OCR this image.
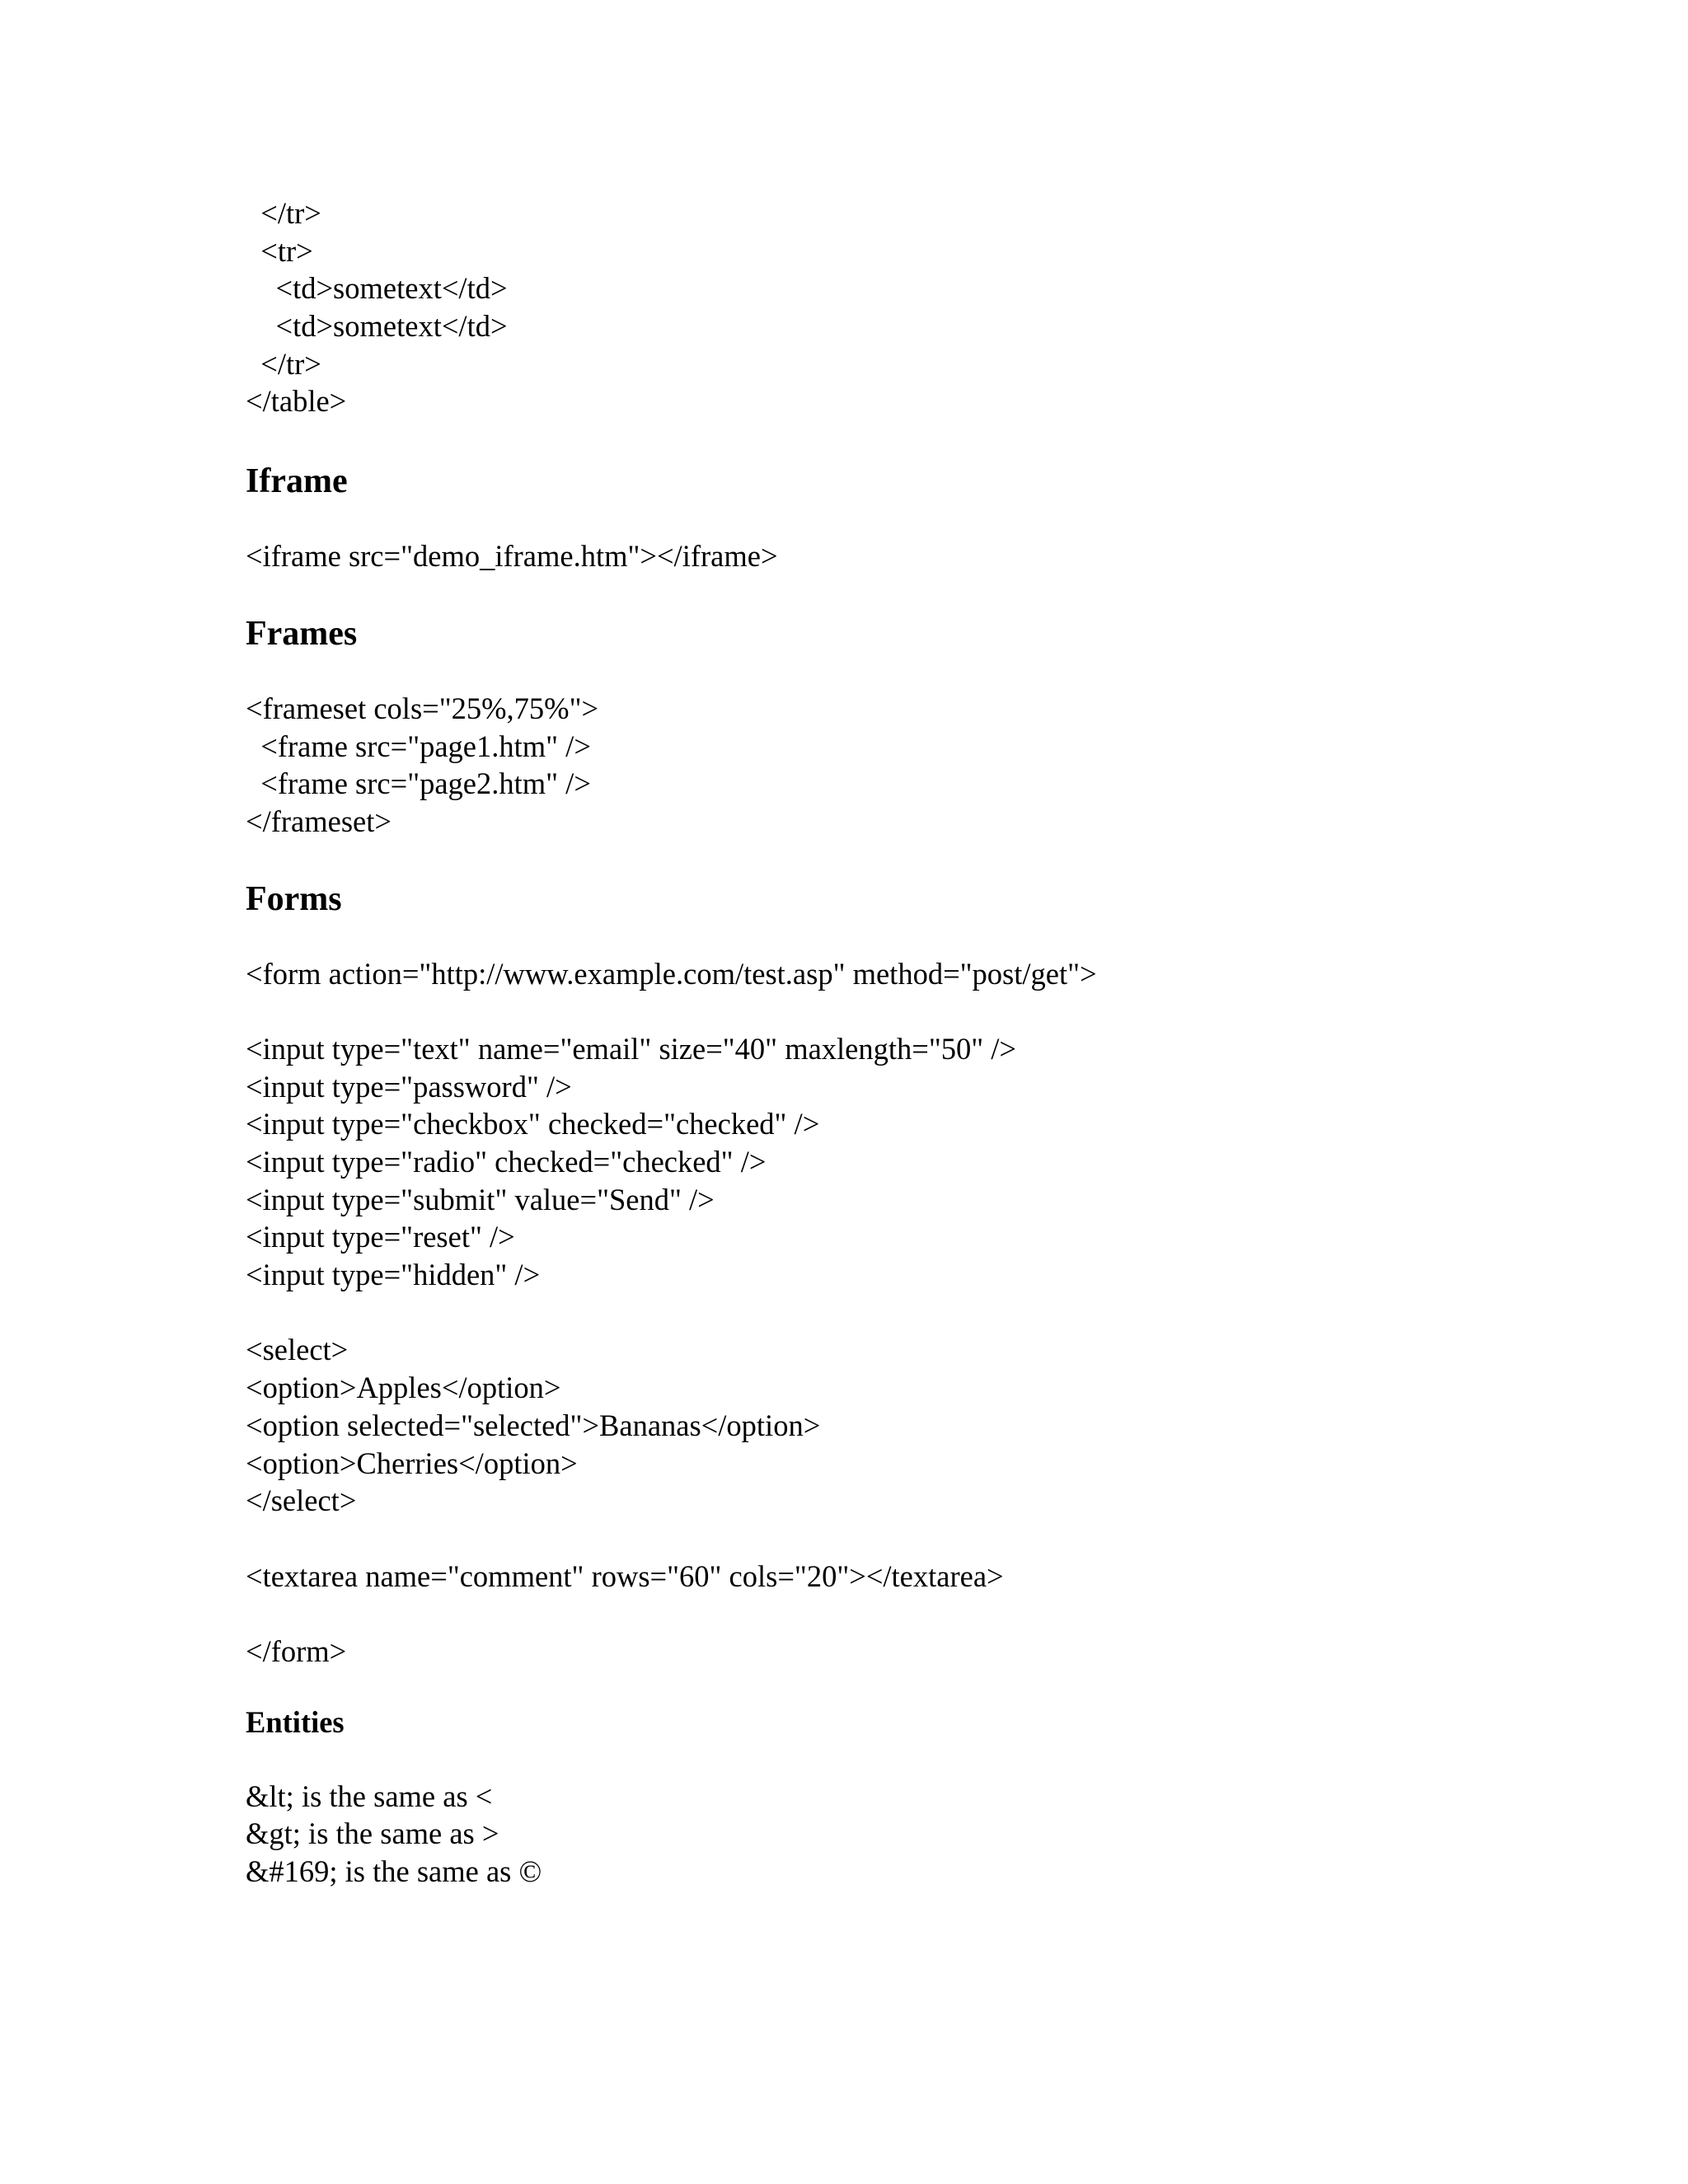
</tr>
<tr>
<td>sometext</td>
<td>sometext</td>
</tr>
</table>
Iframe
<iframe src="demo_iframe.htm"></iframe>
Frames
<frameset cols="25%,75%">
<frame src="page1.htm" />
<frame src="page2.htm" />
</frameset>
Forms
<form action="http://www.example.com/test.asp" method="post/get">
<input type="text" name="email" size="40" maxlength="50" />
<input type="password" />
<input type="checkbox" checked="checked" />
<input type="radio" checked="checked" />
<input type="submit" value="Send" />
<input type="reset" />
<input type="hidden" />
<select>
<option>Apples</option>
<option selected="selected">Bananas</option>
<option>Cherries</option>
</select>
<textarea name="comment" rows="60" cols="20"></textarea>
</form>
Entities
&lt; is the same as <
&gt; is the same as >
&#169; is the same as ©
